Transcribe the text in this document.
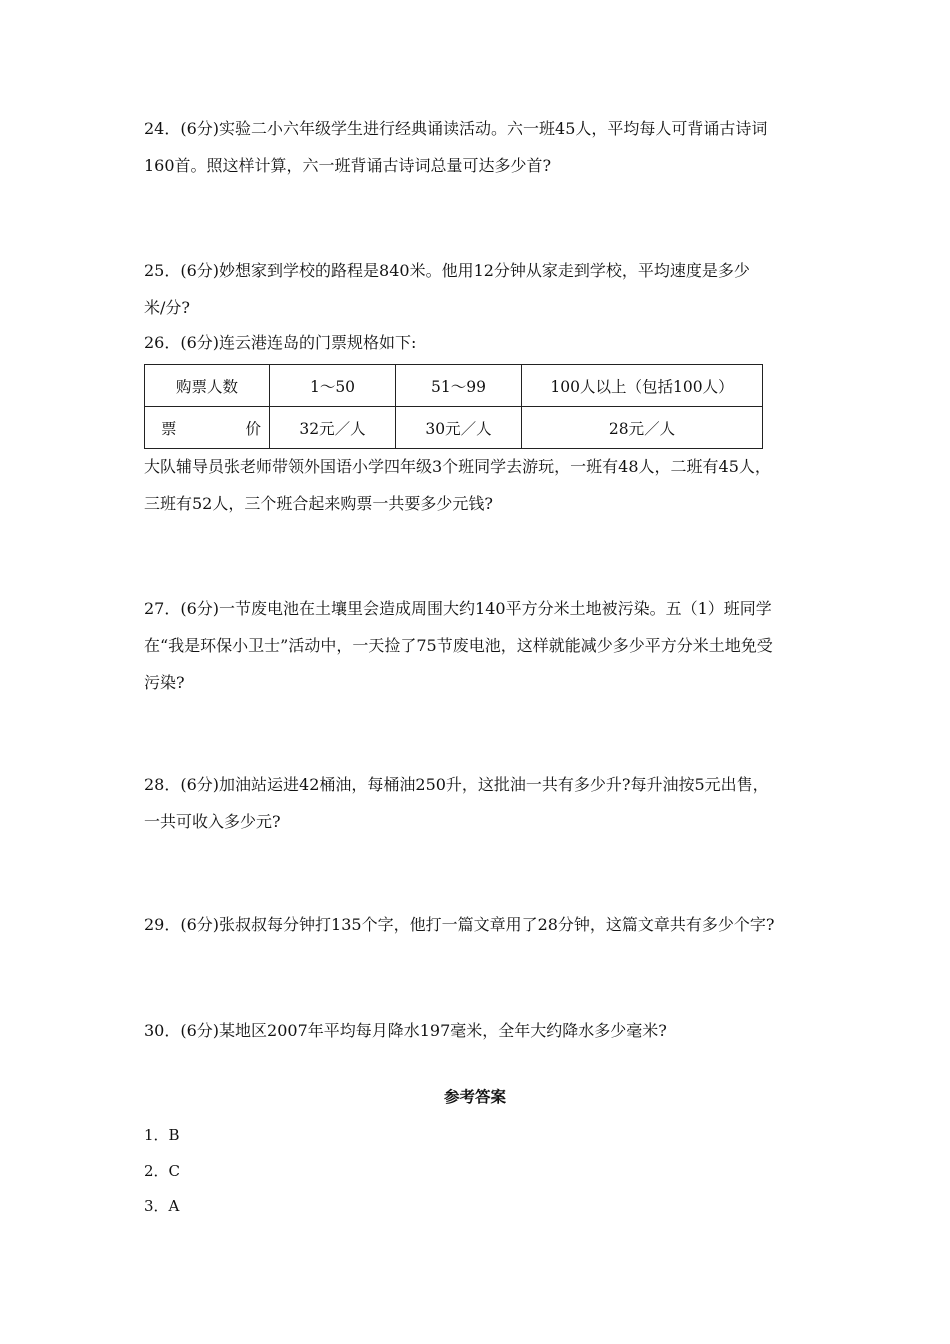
24．(6分)实验二小六年级学生进行经典诵读活动。六一班45人，平均每人可背诵古诗词
160首。照这样计算，六一班背诵古诗词总量可达多少首?
25．(6分)妙想家到学校的路程是840米。他用12分钟从家走到学校，平均速度是多少
米/分?
26．(6分)连云港连岛的门票规格如下:
购票人数	1～50	51～99	100人以上（包括100人）

票 价	32元／人	30元／人	28元／人
大队辅导员张老师带领外国语小学四年级3个班同学去游玩，一班有48人，二班有45人，
三班有52人，三个班合起来购票一共要多少元钱?
27．(6分)一节废电池在土壤里会造成周围大约140平方分米土地被污染。五（1）班同学
在“我是环保小卫士”活动中，一天捡了75节废电池，这样就能减少多少平方分米土地免受
污染?
28．(6分)加油站运进42桶油，每桶油250升，这批油一共有多少升?每升油按5元出售，
一共可收入多少元?
29．(6分)张叔叔每分钟打135个字，他打一篇文章用了28分钟，这篇文章共有多少个字?
30．(6分)某地区2007年平均每月降水197毫米，全年大约降水多少毫米?
参考答案
1．B
2．C
3．A
